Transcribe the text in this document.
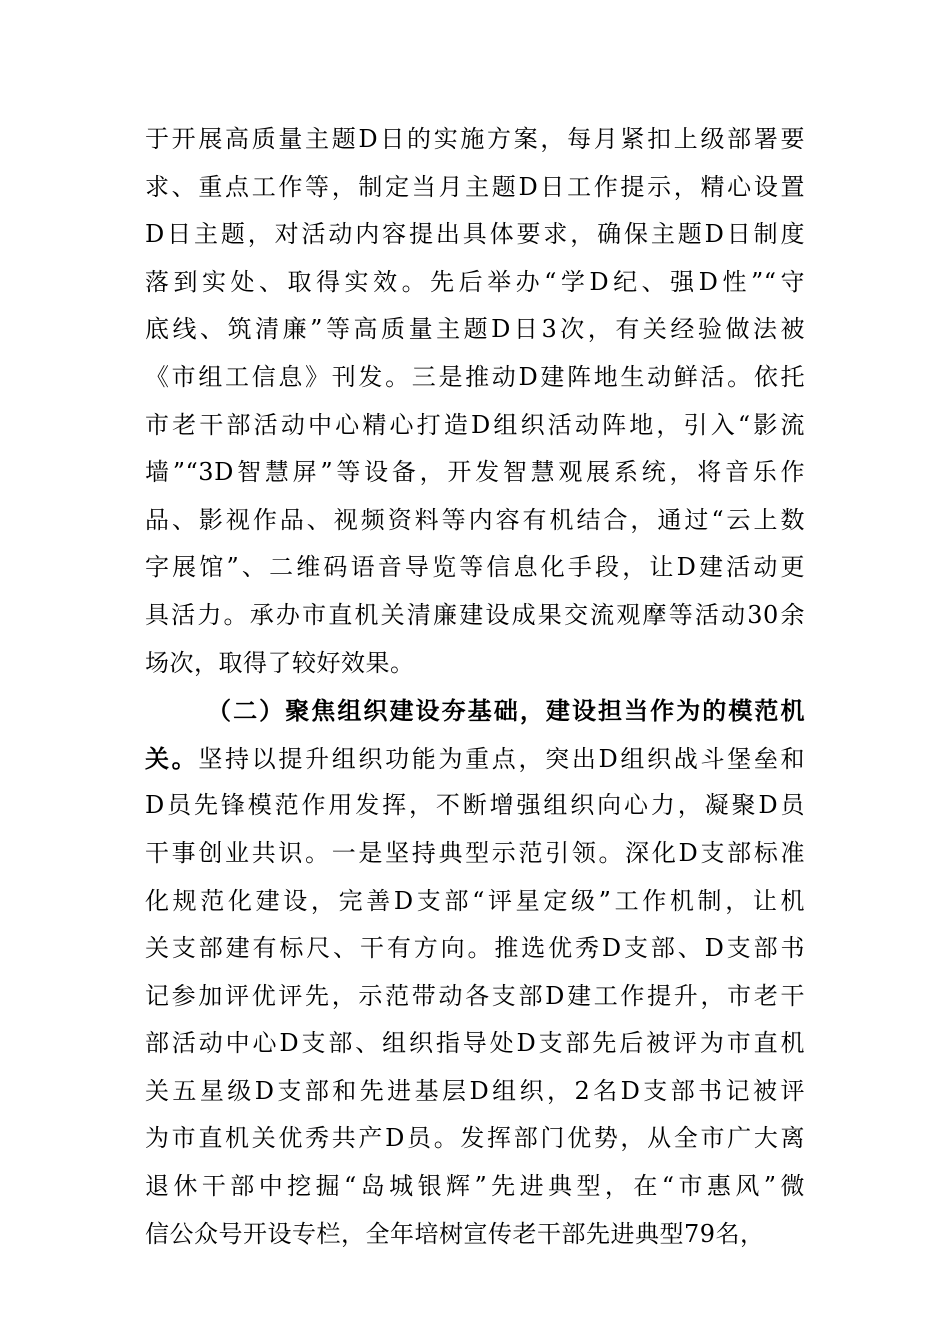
于开展高质量主题D日的实施方案，每月紧扣上级部署要
求、重点工作等，制定当月主题D日工作提示，精心设置
D日主题，对活动内容提出具体要求，确保主题D日制度
落到实处、取得实效。先后举办“学D纪、强D性”“守
底线、筑清廉”等高质量主题D日3次，有关经验做法被
《市组工信息》刊发。三是推动D建阵地生动鲜活。依托
市老干部活动中心精心打造D组织活动阵地，引入“影流
墙”“3D智慧屏”等设备，开发智慧观展系统，将音乐作
品、影视作品、视频资料等内容有机结合，通过“云上数
字展馆”、二维码语音导览等信息化手段，让D建活动更
具活力。承办市直机关清廉建设成果交流观摩等活动30余
场次，取得了较好效果。
（二）聚焦组织建设夯基础，建设担当作为的模范机
关。坚持以提升组织功能为重点，突出D组织战斗堡垒和
D员先锋模范作用发挥，不断增强组织向心力，凝聚D员
干事创业共识。一是坚持典型示范引领。深化D支部标准
化规范化建设，完善D支部“评星定级”工作机制，让机
关支部建有标尺、干有方向。推选优秀D支部、D支部书
记参加评优评先，示范带动各支部D建工作提升，市老干
部活动中心D支部、组织指导处D支部先后被评为市直机
关五星级D支部和先进基层D组织，2名D支部书记被评
为市直机关优秀共产D员。发挥部门优势，从全市广大离
退休干部中挖掘“岛城银辉”先进典型，在“市惠风”微
信公众号开设专栏，全年培树宣传老干部先进典型79名，
